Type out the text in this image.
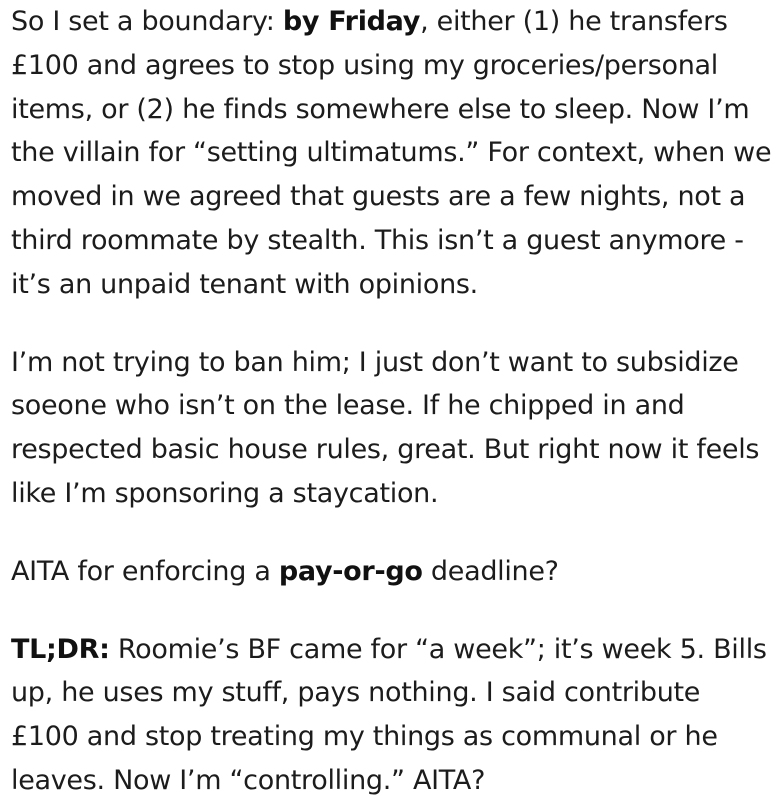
So I set a boundary: by Friday, either (1) he transfers £100 and agrees to stop using my groceries/personal items, or (2) he finds somewhere else to sleep. Now I’m the villain for “setting ultimatums.” For context, when we moved in we agreed that guests are a few nights, not a third roommate by stealth. This isn’t a guest anymore - it’s an unpaid tenant with opinions.

I’m not trying to ban him; I just don’t want to subsidize soeone who isn’t on the lease. If he chipped in and respected basic house rules, great. But right now it feels like I’m sponsoring a staycation.

AITA for enforcing a pay-or-go deadline?

TL;DR: Roomie’s BF came for “a week”; it’s week 5. Bills up, he uses my stuff, pays nothing. I said contribute £100 and stop treating my things as communal or he leaves. Now I’m “controlling.” AITA?
